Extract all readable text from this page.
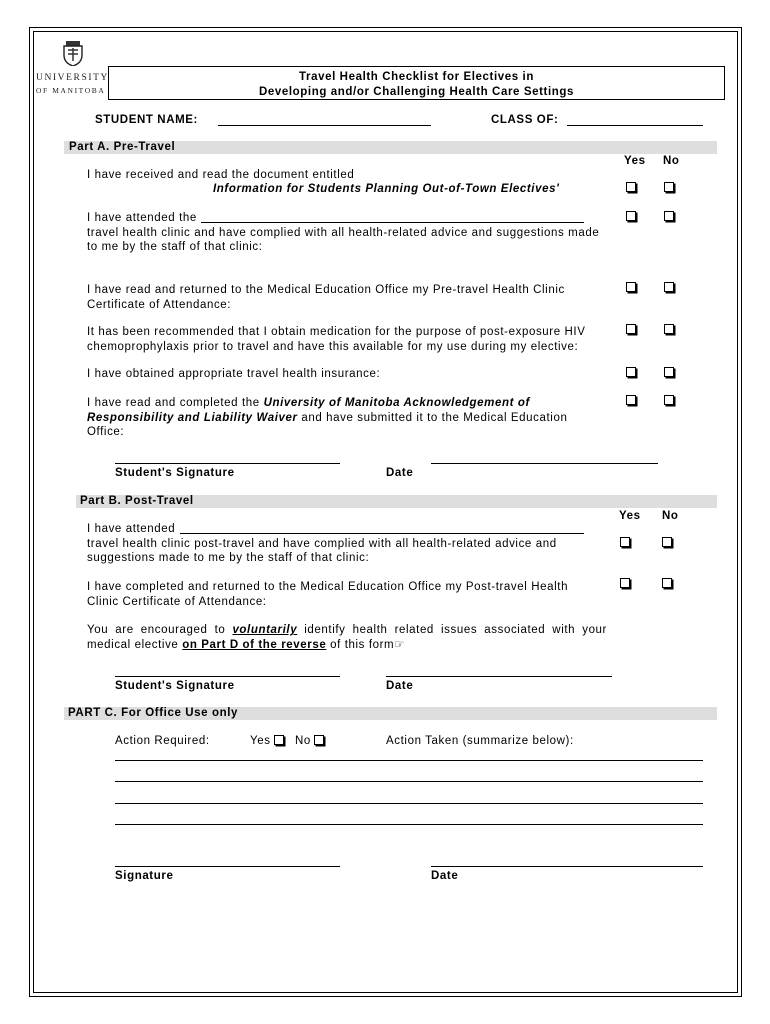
UNIVERSITY
OF MANITOBA
Travel Health Checklist for Electives in
Developing and/or Challenging Health Care Settings
STUDENT NAME:	CLASS OF:
Part A. Pre-Travel
Yes No
I have received and read the document entitled
Information for Students Planning Out-of-Town Electives'
I have attended the
travel health clinic and have complied with all health-related advice and suggestions made
to me by the staff of that clinic:
I have read and returned to the Medical Education Office my Pre-travel Health Clinic Certificate of Attendance:
It has been recommended that I obtain medication for the purpose of post-exposure HIV chemoprophylaxis prior to travel and have this available for my use during my elective:
I have obtained appropriate travel health insurance:
I have read and completed the University of Manitoba Acknowledgement of Responsibility and Liability Waiver and have submitted it to the Medical Education Office:
Student's Signature	Date
Part B. Post-Travel
Yes No
I have attended
travel health clinic post-travel and have complied with all health-related advice and
suggestions made to me by the staff of that clinic:
I have completed and returned to the Medical Education Office my Post-travel Health Clinic Certificate of Attendance:
You are encouraged to voluntarily identify health related issues associated with your medical elective on Part D of the reverse of this form☞
Student's Signature	Date
PART C. For Office Use only
Action Required:	Yes	No	Action Taken (summarize below):
Signature	Date
